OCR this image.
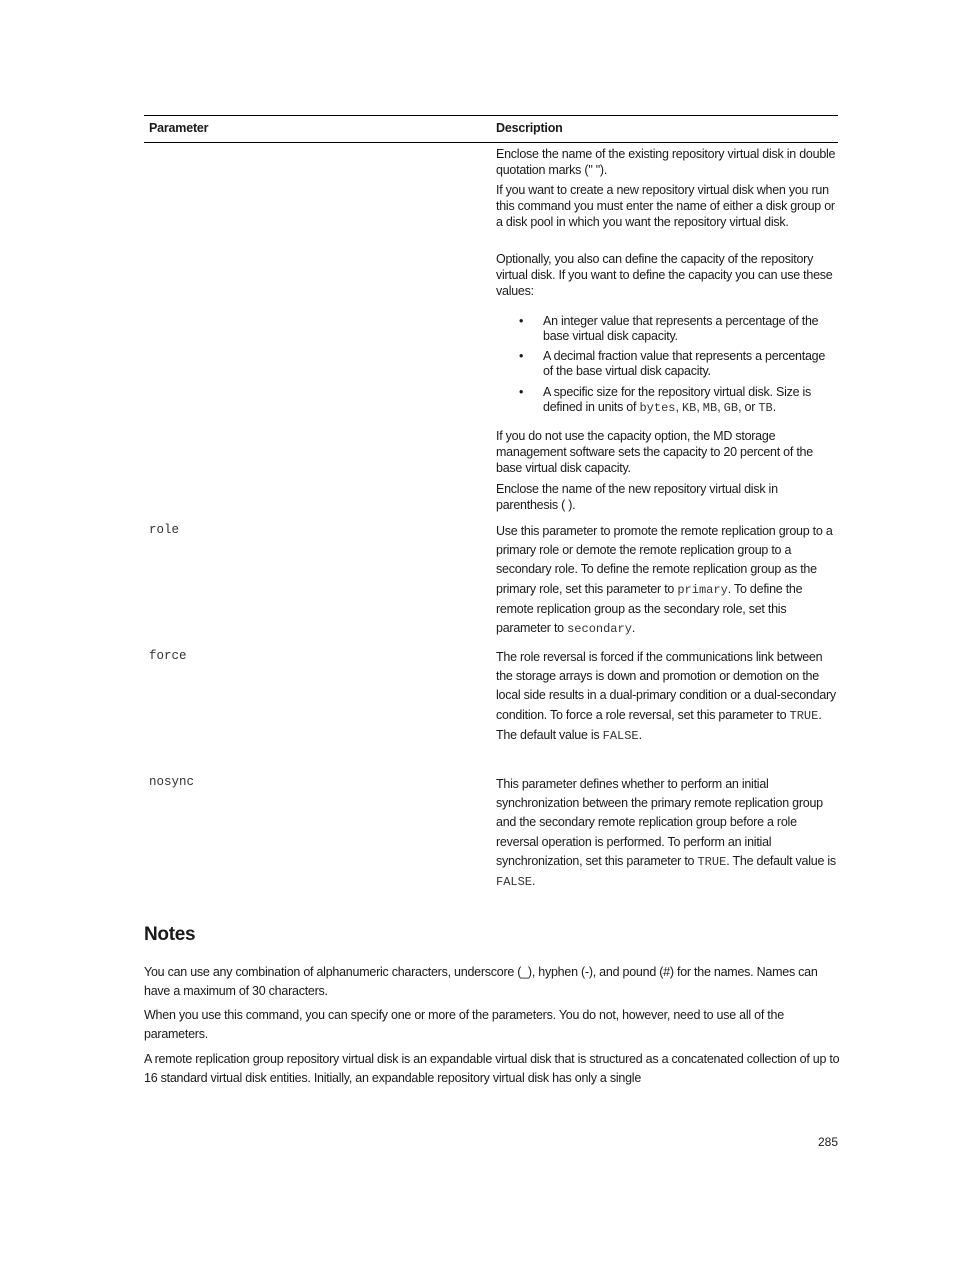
Parameter	Description

Enclose the name of the existing repository virtual disk in double quotation marks (" ").

If you want to create a new repository virtual disk when you run this command you must enter the name of either a disk group or a disk pool in which you want the repository virtual disk.

Optionally, you also can define the capacity of the repository virtual disk. If you want to define the capacity you can use these values:

• An integer value that represents a percentage of the base virtual disk capacity.
• A decimal fraction value that represents a percentage of the base virtual disk capacity.
• A specific size for the repository virtual disk. Size is defined in units of bytes, KB, MB, GB, or TB.

If you do not use the capacity option, the MD storage management software sets the capacity to 20 percent of the base virtual disk capacity.

Enclose the name of the new repository virtual disk in parenthesis ( ).

role	Use this parameter to promote the remote replication group to a primary role or demote the remote replication group to a secondary role. To define the remote replication group as the primary role, set this parameter to primary. To define the remote replication group as the secondary role, set this parameter to secondary.

force	The role reversal is forced if the communications link between the storage arrays is down and promotion or demotion on the local side results in a dual-primary condition or a dual-secondary condition. To force a role reversal, set this parameter to TRUE. The default value is FALSE.

nosync	This parameter defines whether to perform an initial synchronization between the primary remote replication group and the secondary remote replication group before a role reversal operation is performed. To perform an initial synchronization, set this parameter to TRUE. The default value is FALSE.

Notes

You can use any combination of alphanumeric characters, underscore (_), hyphen (-), and pound (#) for the names. Names can have a maximum of 30 characters.

When you use this command, you can specify one or more of the parameters. You do not, however, need to use all of the parameters.

A remote replication group repository virtual disk is an expandable virtual disk that is structured as a concatenated collection of up to 16 standard virtual disk entities. Initially, an expandable repository virtual disk has only a single

285
